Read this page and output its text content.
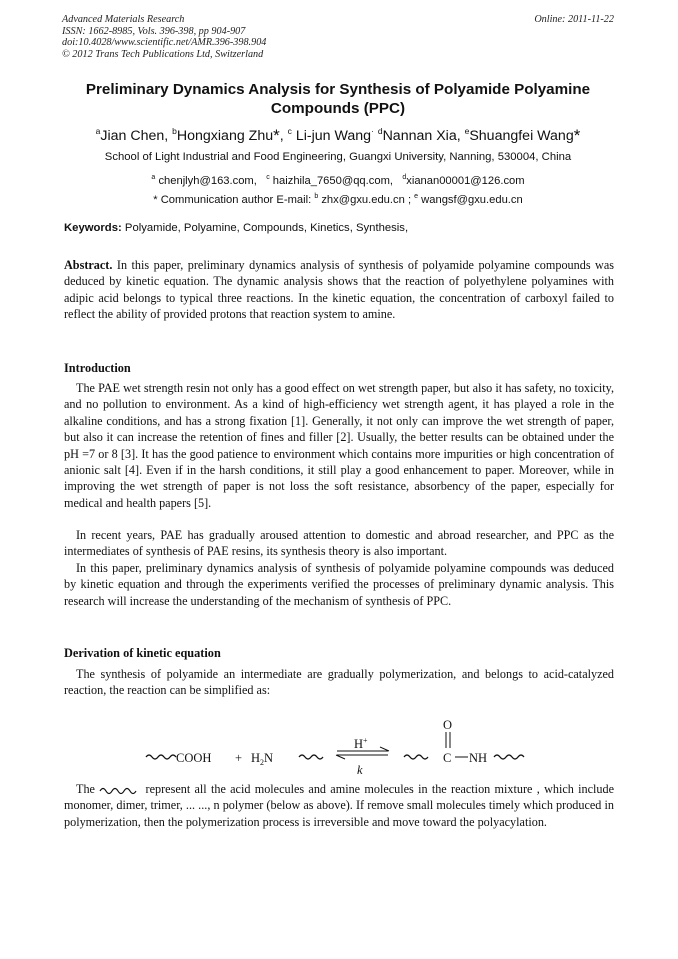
Advanced Materials Research
ISSN: 1662-8985, Vols. 396-398, pp 904-907
doi:10.4028/www.scientific.net/AMR.396-398.904
© 2012 Trans Tech Publications Ltd, Switzerland
Online: 2011-11-22
Preliminary Dynamics Analysis for Synthesis of Polyamide Polyamine
Compounds (PPC)
$^a$Jian Chen, $^b$Hongxiang Zhu*, $^c$ Li-jun Wang· $^d$Nannan Xia, $^e$Shuangfei Wang*
School of Light Industrial and Food Engineering, Guangxi University, Nanning, 530004, China
$^a$ chenjlyh@163.com, $^c$ haizhila_7650@qq.com, $^d$xianan00001@126.com
* Communication author E-mail: $^b$ zhx@gxu.edu.cn ; $^e$ wangsf@gxu.edu.cn
Keywords: Polyamide, Polyamine, Compounds, Kinetics, Synthesis,
Abstract. In this paper, preliminary dynamics analysis of synthesis of polyamide polyamine compounds was deduced by kinetic equation. The dynamic analysis shows that the reaction of polyethylene polyamines with adipic acid belongs to typical three reactions. In the kinetic equation, the concentration of carboxyl failed to reflect the ability of provided protons that reaction system to amine.
Introduction
The PAE wet strength resin not only has a good effect on wet strength paper, but also it has safety, no toxicity, and no pollution to environment. As a kind of high-efficiency wet strength agent, it has played a role in the alkaline conditions, and has a strong fixation [1]. Generally, it not only can improve the wet strength of paper, but also it can increase the retention of fines and filler [2]. Usually, the better results can be obtained under the pH =7 or 8 [3]. It has the good patience to environment which contains more impurities or high concentration of anionic salt [4]. Even if in the harsh conditions, it still play a good enhancement to paper. Moreover, while in improving the wet strength of paper is not loss the soft resistance, absorbency of the paper, especially for medical and health papers [5].
In recent years, PAE has gradually aroused attention to domestic and abroad researcher, and PPC as the intermediates of synthesis of PAE resins, its synthesis theory is also important.
In this paper, preliminary dynamics analysis of synthesis of polyamide polyamine compounds was deduced by kinetic equation and through the experiments verified the processes of preliminary dynamic analysis. This research will increase the understanding of the mechanism of synthesis of PPC.
Derivation of kinetic equation
The synthesis of polyamide an intermediate are gradually polymerization, and belongs to acid-catalyzed reaction, the reaction can be simplified as:
COOH + $H_2N$
H+
k
O
C NH
The	represent all the acid molecules and amine molecules in the reaction mixture , which include monomer, dimer, trimer, ... ..., n polymer (below as above). If remove small molecules timely which produced in polymerization, then the polymerization process is irreversible and move toward the polyacylation.
